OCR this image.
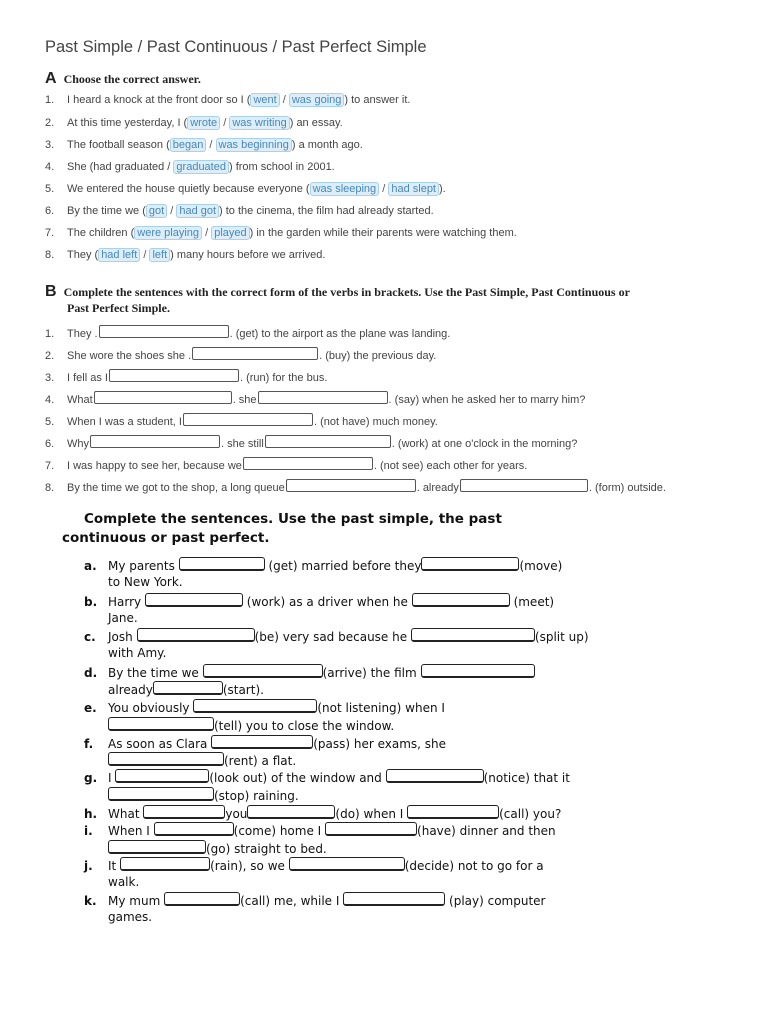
Past Simple / Past Continuous / Past Perfect Simple
A Choose the correct answer.
1. I heard a knock at the front door so I ( went / was going ) to answer it.
2. At this time yesterday, I ( wrote / was writing ) an essay.
3. The football season ( began / was beginning ) a month ago.
4. She (had graduated / graduated ) from school in 2001.
5. We entered the house quietly because everyone ( was sleeping / had slept ).
6. By the time we ( got / had got ) to the cinema, the film had already started.
7. The children ( were playing / played ) in the garden while their parents were watching them.
8. They ( had left / left ) many hours before we arrived.
B Complete the sentences with the correct form of the verbs in brackets. Use the Past Simple, Past Continuous or
Past Perfect Simple.
1. They .	. (get) to the airport as the plane was landing.
2. She wore the shoes she .	. (buy) the previous day.
3. I fell as I	. (run) for the bus.
4. What	. she	. (say) when he asked her to marry him?
5. When I was a student, I	. (not have) much money.
6. Why	. she still	. (work) at one o'clock in the morning?
7. I was happy to see her, because we	. (not see) each other for years.
8. By the time we got to the shop, a long queue	. already	. (form) outside.
Complete the sentences. Use the past simple, the past
continuous or past perfect.
a. My parents	(get) married before they	(move)
to New York.
b. Harry	(work) as a driver when he	(meet)
Jane.
c. Josh	(be) very sad because he	(split up)
with Amy.
d. By the time we	(arrive) the film
already	(start).
e. You obviously	(not listening) when I
(tell) you to close the window.
f. As soon as Clara	(pass) her exams, she
(rent) a flat.
g. I	(look out) of the window and	(notice) that it
(stop) raining.
h. What	you	(do) when I	(call) you?
i. When I	(come) home I	(have) dinner and then
(go) straight to bed.
j. It	(rain), so we	(decide) not to go for a
walk.
k. My mum	(call) me, while I	(play) computer
games.
